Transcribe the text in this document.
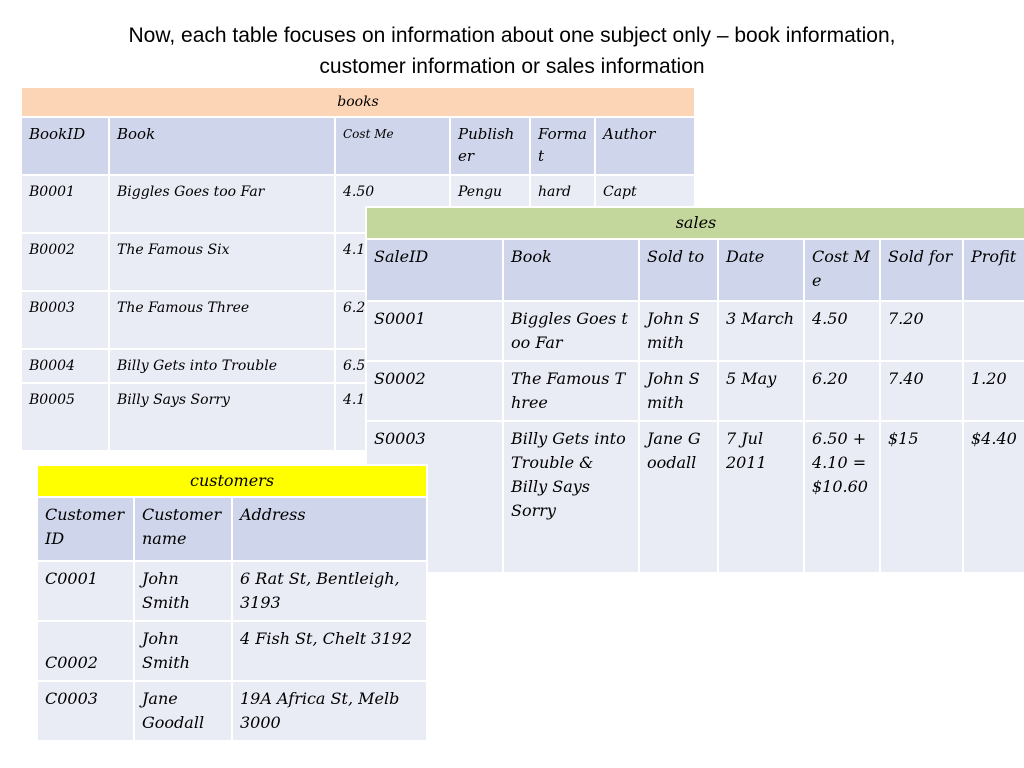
Now, each table focuses on information about one subject only – book information,
customer information or sales information
books					
BookID	Book	Cost Me	Publisher	Format	Author
B0001	Biggles Goes too Far	4.50	Pengu	hard	Capt
B0002	The Famous Six	4.1			
B0003	The Famous Three	6.2			
B0004	Billy Gets into Trouble	6.5			
B0005	Billy Says Sorry	4.1			
sales						
SaleID	Book	Sold to	Date	Cost Me	Sold for	Profit
S0001	Biggles Goes too Far	John Smith	3 March	4.50	7.20	
S0002	The Famous Three	John Smith	5 May	6.20	7.40	1.20
S0003	Billy Gets into Trouble & Billy Says Sorry	Jane Goodall	7 Jul 2011	6.50 + 4.10 = $10.60	$15	$4.40
customers		
Customer ID	Customer name	Address
C0001	John Smith	6 Rat St, Bentleigh, 3193
C0002	John Smith	4 Fish St, Chelt 3192
C0003	Jane Goodall	19A Africa St, Melb 3000
